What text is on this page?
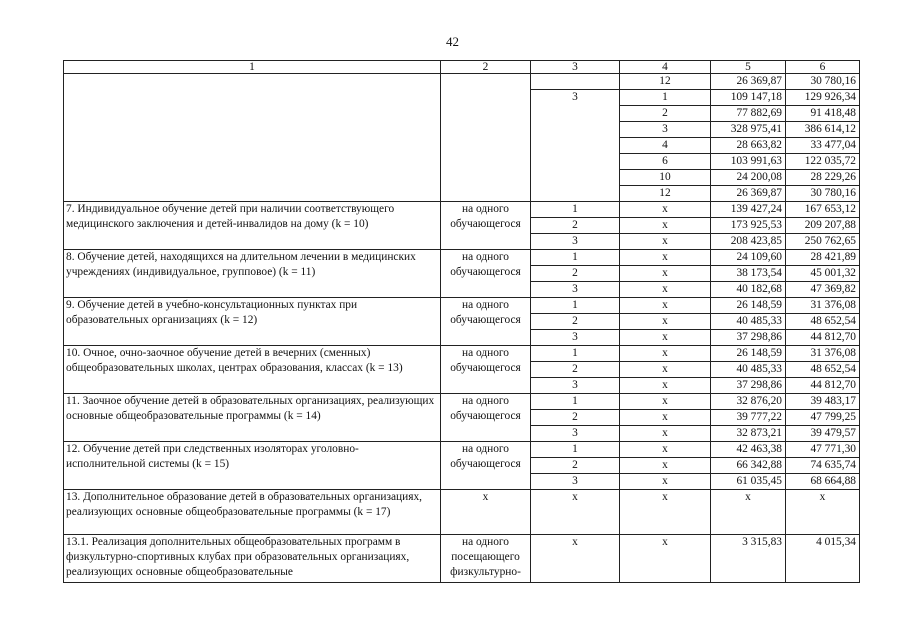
42
1	2	3	4	5	6
			12	26 369,87	30 780,16
		3	1	109 147,18	129 926,34
			2	77 882,69	91 418,48
			3	328 975,41	386 614,12
			4	28 663,82	33 477,04
			6	103 991,63	122 035,72
			10	24 200,08	28 229,26
			12	26 369,87	30 780,16
7. Индивидуальное обучение детей при наличии соответствующего медицинского заключения и детей-инвалидов на дому (k = 10)	на одного обучающегося	1	x	139 427,24	167 653,12
		2	x	173 925,53	209 207,88
		3	x	208 423,85	250 762,65
8. Обучение детей, находящихся на длительном лечении в медицинских учреждениях (индивидуальное, групповое) (k = 11)	на одного обучающегося	1	x	24 109,60	28 421,89
		2	x	38 173,54	45 001,32
		3	x	40 182,68	47 369,82
9. Обучение детей в учебно-консультационных пунктах при образовательных организациях (k = 12)	на одного обучающегося	1	x	26 148,59	31 376,08
		2	x	40 485,33	48 652,54
		3	x	37 298,86	44 812,70
10. Очное, очно-заочное обучение детей в вечерних (сменных) общеобразовательных школах, центрах образования, классах (k = 13)	на одного обучающегося	1	x	26 148,59	31 376,08
		2	x	40 485,33	48 652,54
		3	x	37 298,86	44 812,70
11. Заочное обучение детей в образовательных организациях, реализующих основные общеобразовательные программы (k = 14)	на одного обучающегося	1	x	32 876,20	39 483,17
		2	x	39 777,22	47 799,25
		3	x	32 873,21	39 479,57
12. Обучение детей при следственных изоляторах уголовно-исполнительной системы (k = 15)	на одного обучающегося	1	x	42 463,38	47 771,30
		2	x	66 342,88	74 635,74
		3	x	61 035,45	68 664,88
13. Дополнительное образование детей в образовательных организациях, реализующих основные общеобразовательные программы (k = 17)	x	x	x	x	x
13.1. Реализация дополнительных общеобразовательных программ в физкультурно-спортивных клубах при образовательных организациях, реализующих основные общеобразовательные	на одного посещающего физкультурно-	x	x	3 315,83	4 015,34
